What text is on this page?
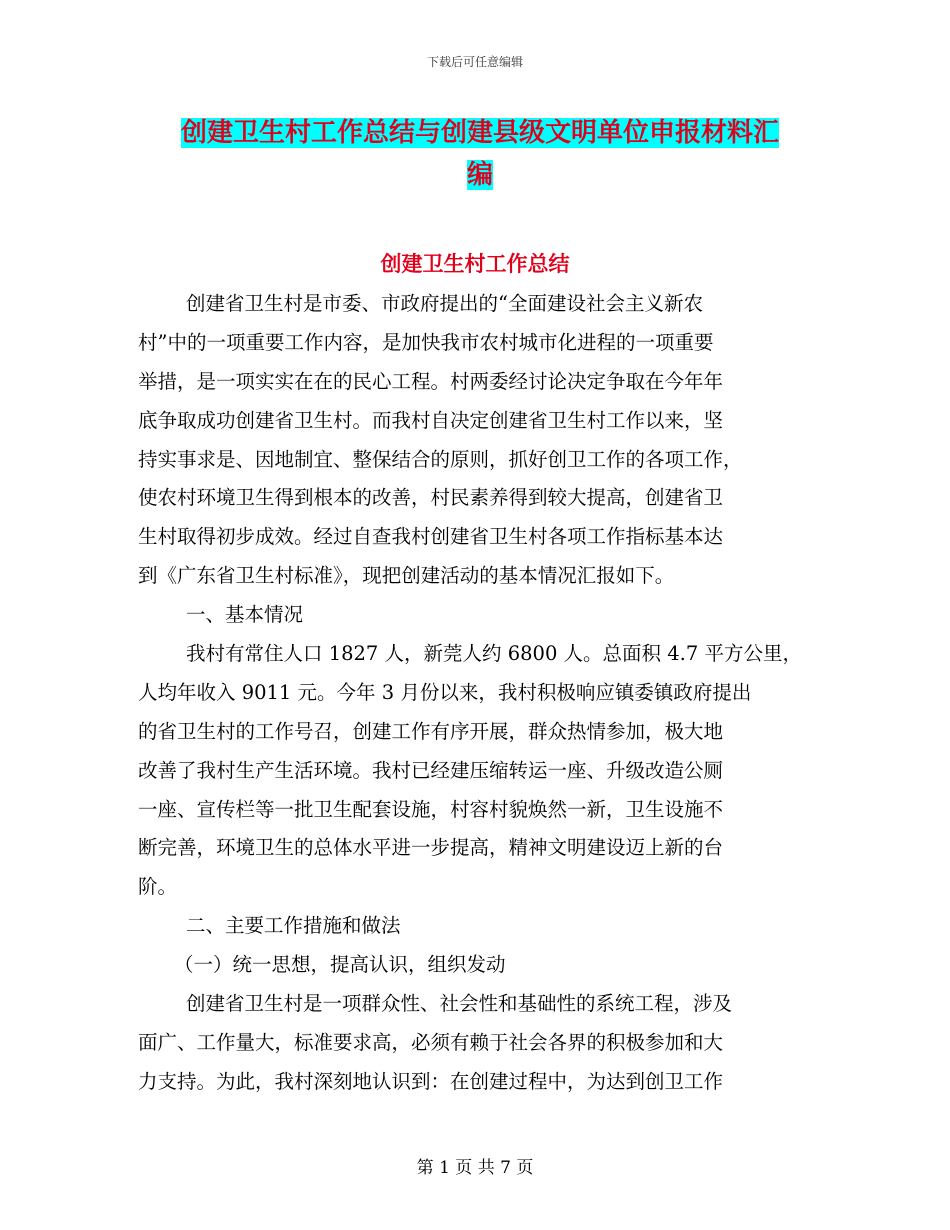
下载后可任意编辑
创建卫生村工作总结与创建县级文明单位申报材料汇
编
创建卫生村工作总结
创建省卫生村是市委、市政府提出的“全面建设社会主义新农
村”中的一项重要工作内容，是加快我市农村城市化进程的一项重要
举措，是一项实实在在的民心工程。村两委经讨论决定争取在今年年
底争取成功创建省卫生村。而我村自决定创建省卫生村工作以来，坚
持实事求是、因地制宜、整保结合的原则，抓好创卫工作的各项工作，
使农村环境卫生得到根本的改善，村民素养得到较大提高，创建省卫
生村取得初步成效。经过自查我村创建省卫生村各项工作指标基本达
到《广东省卫生村标准》，现把创建活动的基本情况汇报如下。
一、基本情况
我村有常住人口 1827 人，新莞人约 6800 人。总面积 4.7 平方公里，
人均年收入 9011 元。今年 3 月份以来，我村积极响应镇委镇政府提出
的省卫生村的工作号召，创建工作有序开展，群众热情参加，极大地
改善了我村生产生活环境。我村已经建压缩转运一座、升级改造公厕
一座、宣传栏等一批卫生配套设施，村容村貌焕然一新，卫生设施不
断完善，环境卫生的总体水平进一步提高，精神文明建设迈上新的台
阶。
二、主要工作措施和做法
（一）统一思想，提高认识，组织发动
创建省卫生村是一项群众性、社会性和基础性的系统工程，涉及
面广、工作量大，标准要求高，必须有赖于社会各界的积极参加和大
力支持。为此，我村深刻地认识到：在创建过程中，为达到创卫工作
第 1 页 共 7 页
